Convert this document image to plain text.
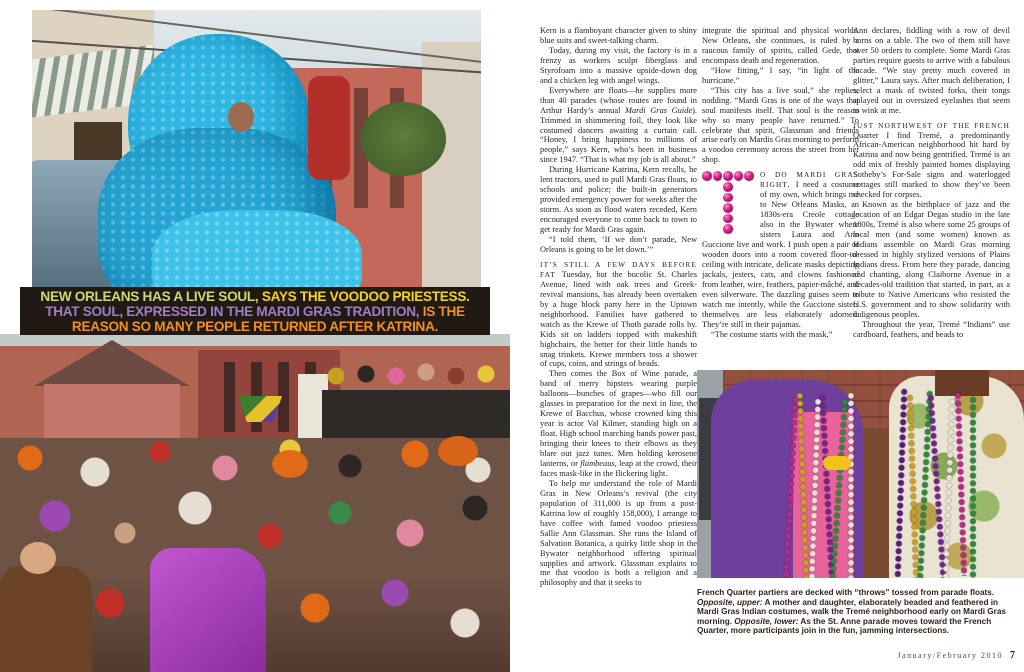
NEW ORLEANS HAS A LIVE SOUL, SAYS THE VOODOO PRIESTESS.
THAT SOUL, EXPRESSED IN THE MARDI GRAS TRADITION, IS THE
REASON SO MANY PEOPLE RETURNED AFTER KATRINA.

Kern is a flamboyant character given to shiny blue suits and sweet-talking charm.

Today, during my visit, the factory is in a frenzy as workers sculpt fiberglass and Styrofoam into a massive upside-down dog and a chicken leg with angel wings.

Everywhere are floats—he supplies more than 40 parades (whose routes are found in Arthur Hardy’s annual Mardi Gras Guide). Trimmed in shimmering foil, they look like costumed dancers awaiting a curtain call. “Honey, I bring happiness to millions of people,” says Kern, who’s been in business since 1947. “That is what my job is all about.”

During Hurricane Katrina, Kern recalls, he lent tractors, used to pull Mardi Gras floats, to schools and police; the built-in generators provided emergency power for weeks after the storm. As soon as flood waters receded, Kern encouraged everyone to come back to town to get ready for Mardi Gras again.

“I told them, ‘If we don’t parade, New Orleans is going to be let down.’”

IT’S STILL A FEW DAYS BEFORE FAT Tuesday, but the bucolic St. Charles Avenue, lined with oak trees and Greek-revival mansions, has already been overtaken by a huge block party here in the Uptown neighborhood. Families have gathered to watch as the Krewe of Thoth parade rolls by. Kids sit on ladders topped with makeshift highchairs, the better for their little hands to snag trinkets. Krewe members toss a shower of cups, coins, and strings of beads.

Then comes the Box of Wine parade, a band of merry hipsters wearing purple balloons—bunches of grapes—who fill our glasses in preparation for the next in line, the Krewe of Bacchus, whose crowned king this year is actor Val Kilmer, standing high on a float. High school marching bands power past, bringing their knees to their elbows as they blare out jazz tunes. Men holding kerosene lanterns, or flambeaus, leap at the crowd, their faces mask-like in the flickering light.

To help me understand the role of Mardi Gras in New Orleans’s revival (the city population of 311,000 is up from a post-Katrina low of roughly 158,000), I arrange to have coffee with famed voodoo priestess Sallie Ann Glassman. She runs the Island of Salvation Botanica, a quirky little shop in the Bywater neighborhood offering spiritual supplies and artwork. Glassman explains to me that voodoo is both a religion and a philosophy and that it seeks to

integrate the spiritual and physical worlds. New Orleans, she continues, is ruled by a raucous family of spirits, called Gede, that encompass death and regeneration.

“How fitting,” I say, “in light of the hurricane.”

“This city has a live soul,” she replies, nodding. “Mardi Gras is one of the ways that soul manifests itself. That soul is the reason why so many people have returned.” To celebrate that spirit, Glassman and friends arise early on Mardis Gras morning to perform a voodoo ceremony across the street from her shop.

O DO MARDI GRAS RIGHT, I need a costume of my own, which brings me to New Orleans Masks, an 1830s-era Creole cottage also in the Bywater where sisters Laura and Ann Guccione live and work. I push open a pair of wooden doors into a room covered floor-to-ceiling with intricate, delicate masks depicting jackals, jesters, cats, and clowns fashioned from leather, wire, feathers, papier-mâché, and even silverware. The dazzling guises seem to watch me intently, while the Guccione sisters themselves are less elaborately adorned. They’re still in their pajamas.

“The costume starts with the mask,”

Ann declares, fiddling with a row of devil horns on a table. The two of them still have over 50 orders to complete. Some Mardi Gras parties require guests to arrive with a fabulous facade. “We stay pretty much covered in glitter,” Laura says. After much deliberation, I select a mask of twisted forks, their tongs splayed out in oversized eyelashes that seem to wink at me.

JUST NORTHWEST OF THE FRENCH Quarter I find Tremé, a predominantly African-American neighborhood hit hard by Katrina and now being gentrified. Tremé is an odd mix of freshly painted homes displaying Sotheby’s For-Sale signs and waterlogged cottages still marked to show they’ve been checked for corpses.

Known as the birthplace of jazz and the location of an Edgar Degas studio in the late 1800s, Tremé is also where some 25 groups of local men (and some women) known as Indians assemble on Mardi Gras morning dressed in highly stylized versions of Plains Indians dress. From here they parade, dancing and chanting, along Claiborne Avenue in a decades-old tradition that started, in part, as a tribute to Native Americans who resisted the U.S. government and to show solidarity with indigenous peoples.

Throughout the year, Tremé “Indians” use cardboard, feathers, and beads to

French Quarter partiers are decked with “throws” tossed from parade floats. Opposite, upper: A mother and daughter, elaborately beaded and feathered in Mardi Gras Indian costumes, walk the Tremé neighborhood early on Mardi Gras morning. Opposite, lower: As the St. Anne parade moves toward the French Quarter, more participants join in the fun, jamming intersections.
January/February 2010 7
